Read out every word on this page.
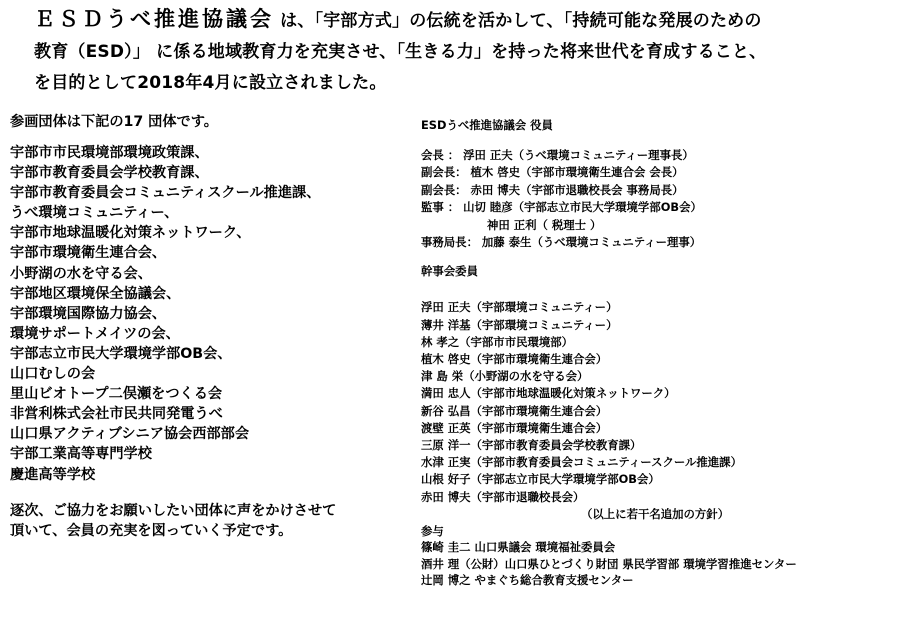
ＥＳＤうべ推進協議会 は、「宇部方式」の伝統を活かして、「持続可能な発展のための
教育（ESD）」 に係る地域教育力を充実させ、「生きる力」を持った将来世代を育成すること、
を目的として2018年4月に設立されました。
参画団体は下記の17 団体です。
宇部市市民環境部環境政策課、
宇部市教育委員会学校教育課、
宇部市教育委員会コミュニティスクール推進課、
うべ環境コミュニティー、
宇部市地球温暖化対策ネットワーク、
宇部市環境衛生連合会、
小野湖の水を守る会、
宇部地区環境保全協議会、
宇部環境国際協力協会、
環境サポートメイツの会、
宇部志立市民大学環境学部OB会、
山口むしの会
里山ビオトープ二俣瀬をつくる会
非営利株式会社市民共同発電うべ
山口県アクティブシニア協会西部部会
宇部工業高等専門学校
慶進高等学校
逐次、ご協力をお願いしたい団体に声をかけさせて
頂いて、会員の充実を図っていく予定です。
ESDうべ推進協議会 役員
会長 ： 浮田 正夫（うべ環境コミュニティー理事長）
副会長： 植木 啓史（宇部市環境衛生連合会 会長）
副会長： 赤田 博夫（宇部市退職校長会 事務局長）
監事 ： 山切 睦彦（宇部志立市民大学環境学部OB会）
神田 正利（ 税理士 ）
事務局長： 加藤 泰生（うべ環境コミュニティー理事）
幹事会委員
浮田 正夫（宇部環境コミュニティー）
薄井 洋基（宇部環境コミュニティー）
林 孝之（宇部市市民環境部）
植木 啓史（宇部市環境衛生連合会）
津 島 栄（小野湖の水を守る会）
満田 忠人（宇部市地球温暖化対策ネットワーク）
新谷 弘昌（宇部市環境衛生連合会）
渡壁 正英（宇部市環境衛生連合会）
三原 洋一（宇部市教育委員会学校教育課）
水津 正実（宇部市教育委員会コミュニティースクール推進課）
山根 好子（宇部志立市民大学環境学部OB会）
赤田 博夫（宇部市退職校長会）
（以上に若干名追加の方針）
参与
篠崎 圭二 山口県議会 環境福祉委員会
酒井 理（公財）山口県ひとづくり財団 県民学習部 環境学習推進センター
辻岡 博之 やまぐち総合教育支援センター
